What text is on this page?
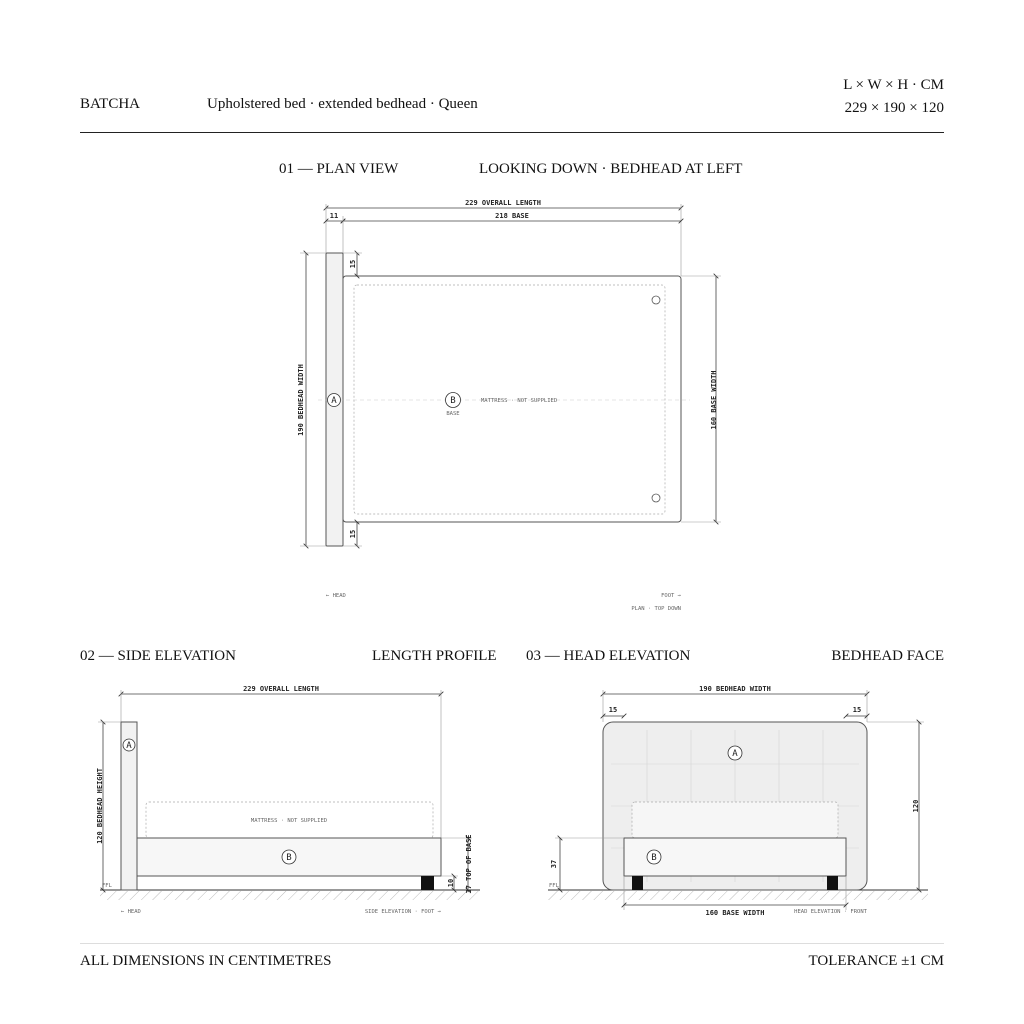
BATCHA	Upholstered bed · extended bedhead · Queen
L × W × H · CM
229 × 190 × 120
01 — PLAN VIEW	LOOKING DOWN · BEDHEAD AT LEFT
02 — SIDE ELEVATION	LENGTH PROFILE 03 — HEAD ELEVATION	BEDHEAD FACE
229 OVERALL LENGTH
11	218 BASE
A	B
BASE
MATTRESS · NOT SUPPLIED
190 BEDHEAD WIDTH
15
15
160 BASE WIDTH
← HEAD	FOOT →
PLAN · TOP DOWN
229 OVERALL LENGTH
FFL
MATTRESS · NOT SUPPLIED
A
B
120 BEDHEAD HEIGHT
37 TOP OF BASE
10
← HEAD	SIDE ELEVATION · FOOT →
190 BEDHEAD WIDTH
15	15
FFL
A
B
120
37
160 BASE WIDTH	HEAD ELEVATION · FRONT
ALL DIMENSIONS IN CENTIMETRES	TOLERANCE ±1 CM
